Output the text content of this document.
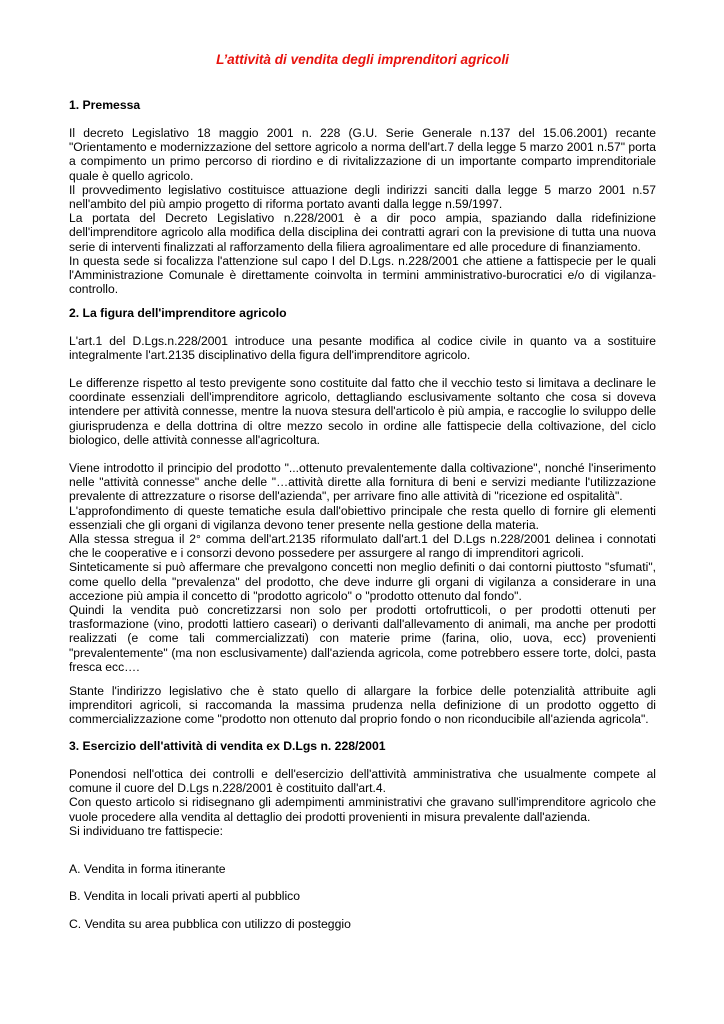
L’attività di vendita degli imprenditori agricoli
1. Premessa

Il decreto Legislativo 18 maggio 2001 n. 228 (G.U. Serie Generale n.137 del 15.06.2001) recante "Orientamento e modernizzazione del settore agricolo a norma dell'art.7 della legge 5 marzo 2001 n.57" porta a compimento un primo percorso di riordino e di rivitalizzazione di un importante comparto imprenditoriale quale è quello agricolo.

Il provvedimento legislativo costituisce attuazione degli indirizzi sanciti dalla legge 5 marzo 2001 n.57 nell'ambito del più ampio progetto di riforma portato avanti dalla legge n.59/1997.

La portata del Decreto Legislativo n.228/2001 è a dir poco ampia, spaziando dalla ridefinizione dell'imprenditore agricolo alla modifica della disciplina dei contratti agrari con la previsione di tutta una nuova serie di interventi finalizzati al rafforzamento della filiera agroalimentare ed alle procedure di finanziamento.

In questa sede si focalizza l'attenzione sul capo I del D.Lgs. n.228/2001 che attiene a fattispecie per le quali l'Amministrazione Comunale è direttamente coinvolta in termini amministrativo-burocratici e/o di vigilanza-controllo.

2. La figura dell'imprenditore agricolo

L'art.1 del D.Lgs.n.228/2001 introduce una pesante modifica al codice civile in quanto va a sostituire integralmente l'art.2135 disciplinativo della figura dell'imprenditore agricolo.

Le differenze rispetto al testo previgente sono costituite dal fatto che il vecchio testo si limitava a declinare le coordinate essenziali dell'imprenditore agricolo, dettagliando esclusivamente soltanto che cosa si doveva intendere per attività connesse, mentre la nuova stesura dell'articolo è più ampia, e raccoglie lo sviluppo delle giurisprudenza e della dottrina di oltre mezzo secolo in ordine alle fattispecie della coltivazione, del ciclo biologico, delle attività connesse all'agricoltura.

Viene introdotto il principio del prodotto "...ottenuto prevalentemente dalla coltivazione", nonché l'inserimento nelle "attività connesse" anche delle "…attività dirette alla fornitura di beni e servizi mediante l'utilizzazione prevalente di attrezzature o risorse dell'azienda", per arrivare fino alle attività di "ricezione ed ospitalità".

L'approfondimento di queste tematiche esula dall'obiettivo principale che resta quello di fornire gli elementi essenziali che gli organi di vigilanza devono tener presente nella gestione della materia.

Alla stessa stregua il 2° comma dell'art.2135 riformulato dall'art.1 del D.Lgs n.228/2001 delinea i connotati che le cooperative e i consorzi devono possedere per assurgere al rango di imprenditori agricoli.

Sinteticamente si può affermare che prevalgono concetti non meglio definiti o dai contorni piuttosto "sfumati", come quello della "prevalenza" del prodotto, che deve indurre gli organi di vigilanza a considerare in una accezione più ampia il concetto di "prodotto agricolo" o "prodotto ottenuto dal fondo".

Quindi la vendita può concretizzarsi non solo per prodotti ortofrutticoli, o per prodotti ottenuti per trasformazione (vino, prodotti lattiero caseari) o derivanti dall'allevamento di animali, ma anche per prodotti realizzati (e come tali commercializzati) con materie prime (farina, olio, uova, ecc) provenienti "prevalentemente" (ma non esclusivamente) dall'azienda agricola, come potrebbero essere torte, dolci, pasta fresca ecc….

Stante l'indirizzo legislativo che è stato quello di allargare la forbice delle potenzialità attribuite agli imprenditori agricoli, si raccomanda la massima prudenza nella definizione di un prodotto oggetto di commercializzazione come "prodotto non ottenuto dal proprio fondo o non riconducibile all'azienda agricola".

3. Esercizio dell'attività di vendita ex D.Lgs n. 228/2001

Ponendosi nell'ottica dei controlli e dell'esercizio dell'attività amministrativa che usualmente compete al comune il cuore del D.Lgs n.228/2001 è costituito dall'art.4.

Con questo articolo si ridisegnano gli adempimenti amministrativi che gravano sull'imprenditore agricolo che vuole procedere alla vendita al dettaglio dei prodotti provenienti in misura prevalente dall'azienda.

Si individuano tre fattispecie:

A. Vendita in forma itinerante

B. Vendita in locali privati aperti al pubblico

C. Vendita su area pubblica con utilizzo di posteggio
